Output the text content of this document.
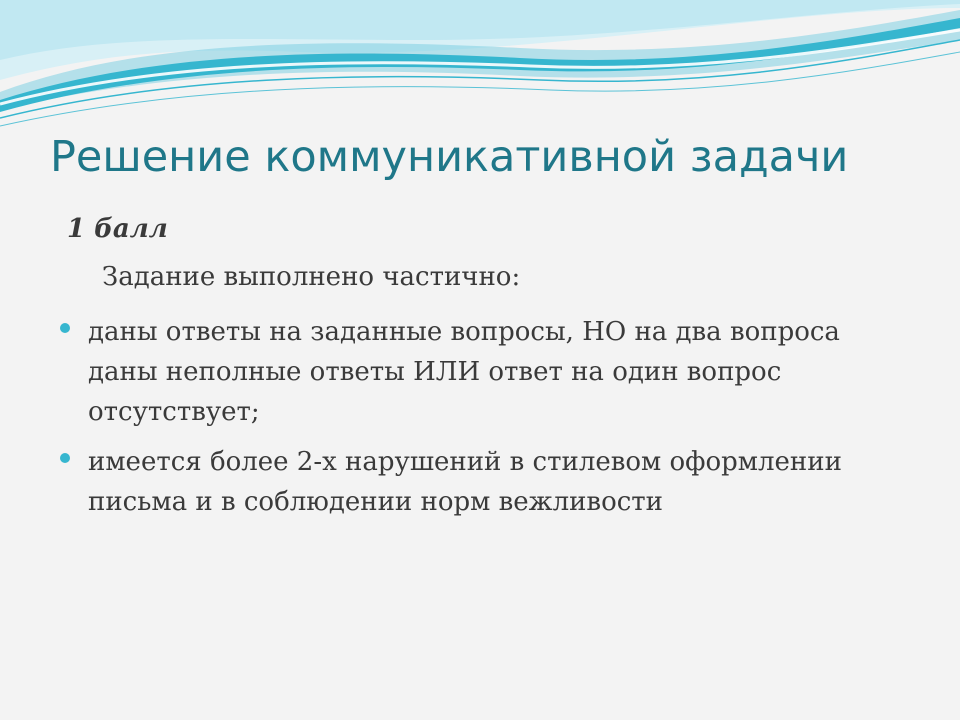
Решение коммуникативной задачи

1 балл

Задание выполнено частично:

даны ответы на заданные вопросы, НО на два вопроса даны неполные ответы ИЛИ ответ на один вопрос отсутствует;
имеется более 2-х нарушений в стилевом оформлении письма и в соблюдении норм вежливости
